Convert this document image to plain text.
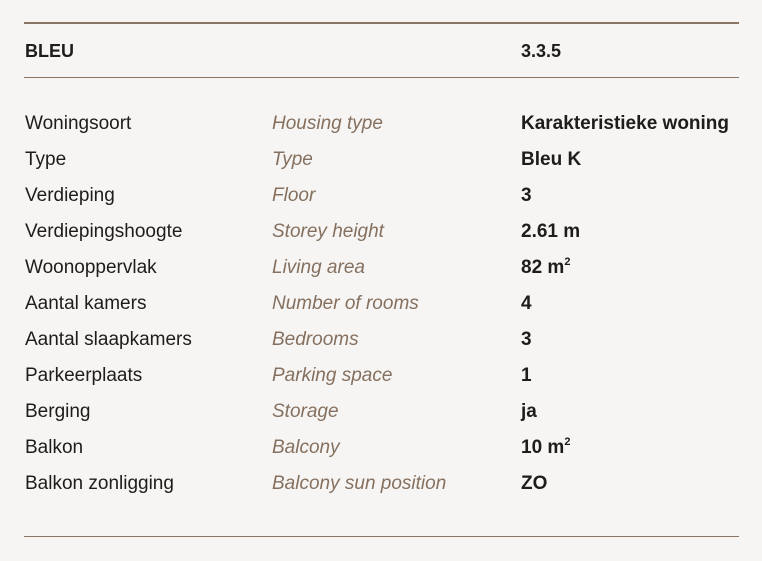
BLEU	3.3.5
Woningsoort	Housing type	Karakteristieke woning
Type	Type	Bleu K
Verdieping	Floor	3
Verdiepingshoogte	Storey height	2.61 m
Woonoppervlak	Living area	82 $m^2$
Aantal kamers	Number of rooms	4
Aantal slaapkamers	Bedrooms	3
Parkeerplaats	Parking space	1
Berging	Storage	ja
Balkon	Balcony	10 $m^2$
Balkon zonligging	Balcony sun position	ZO
